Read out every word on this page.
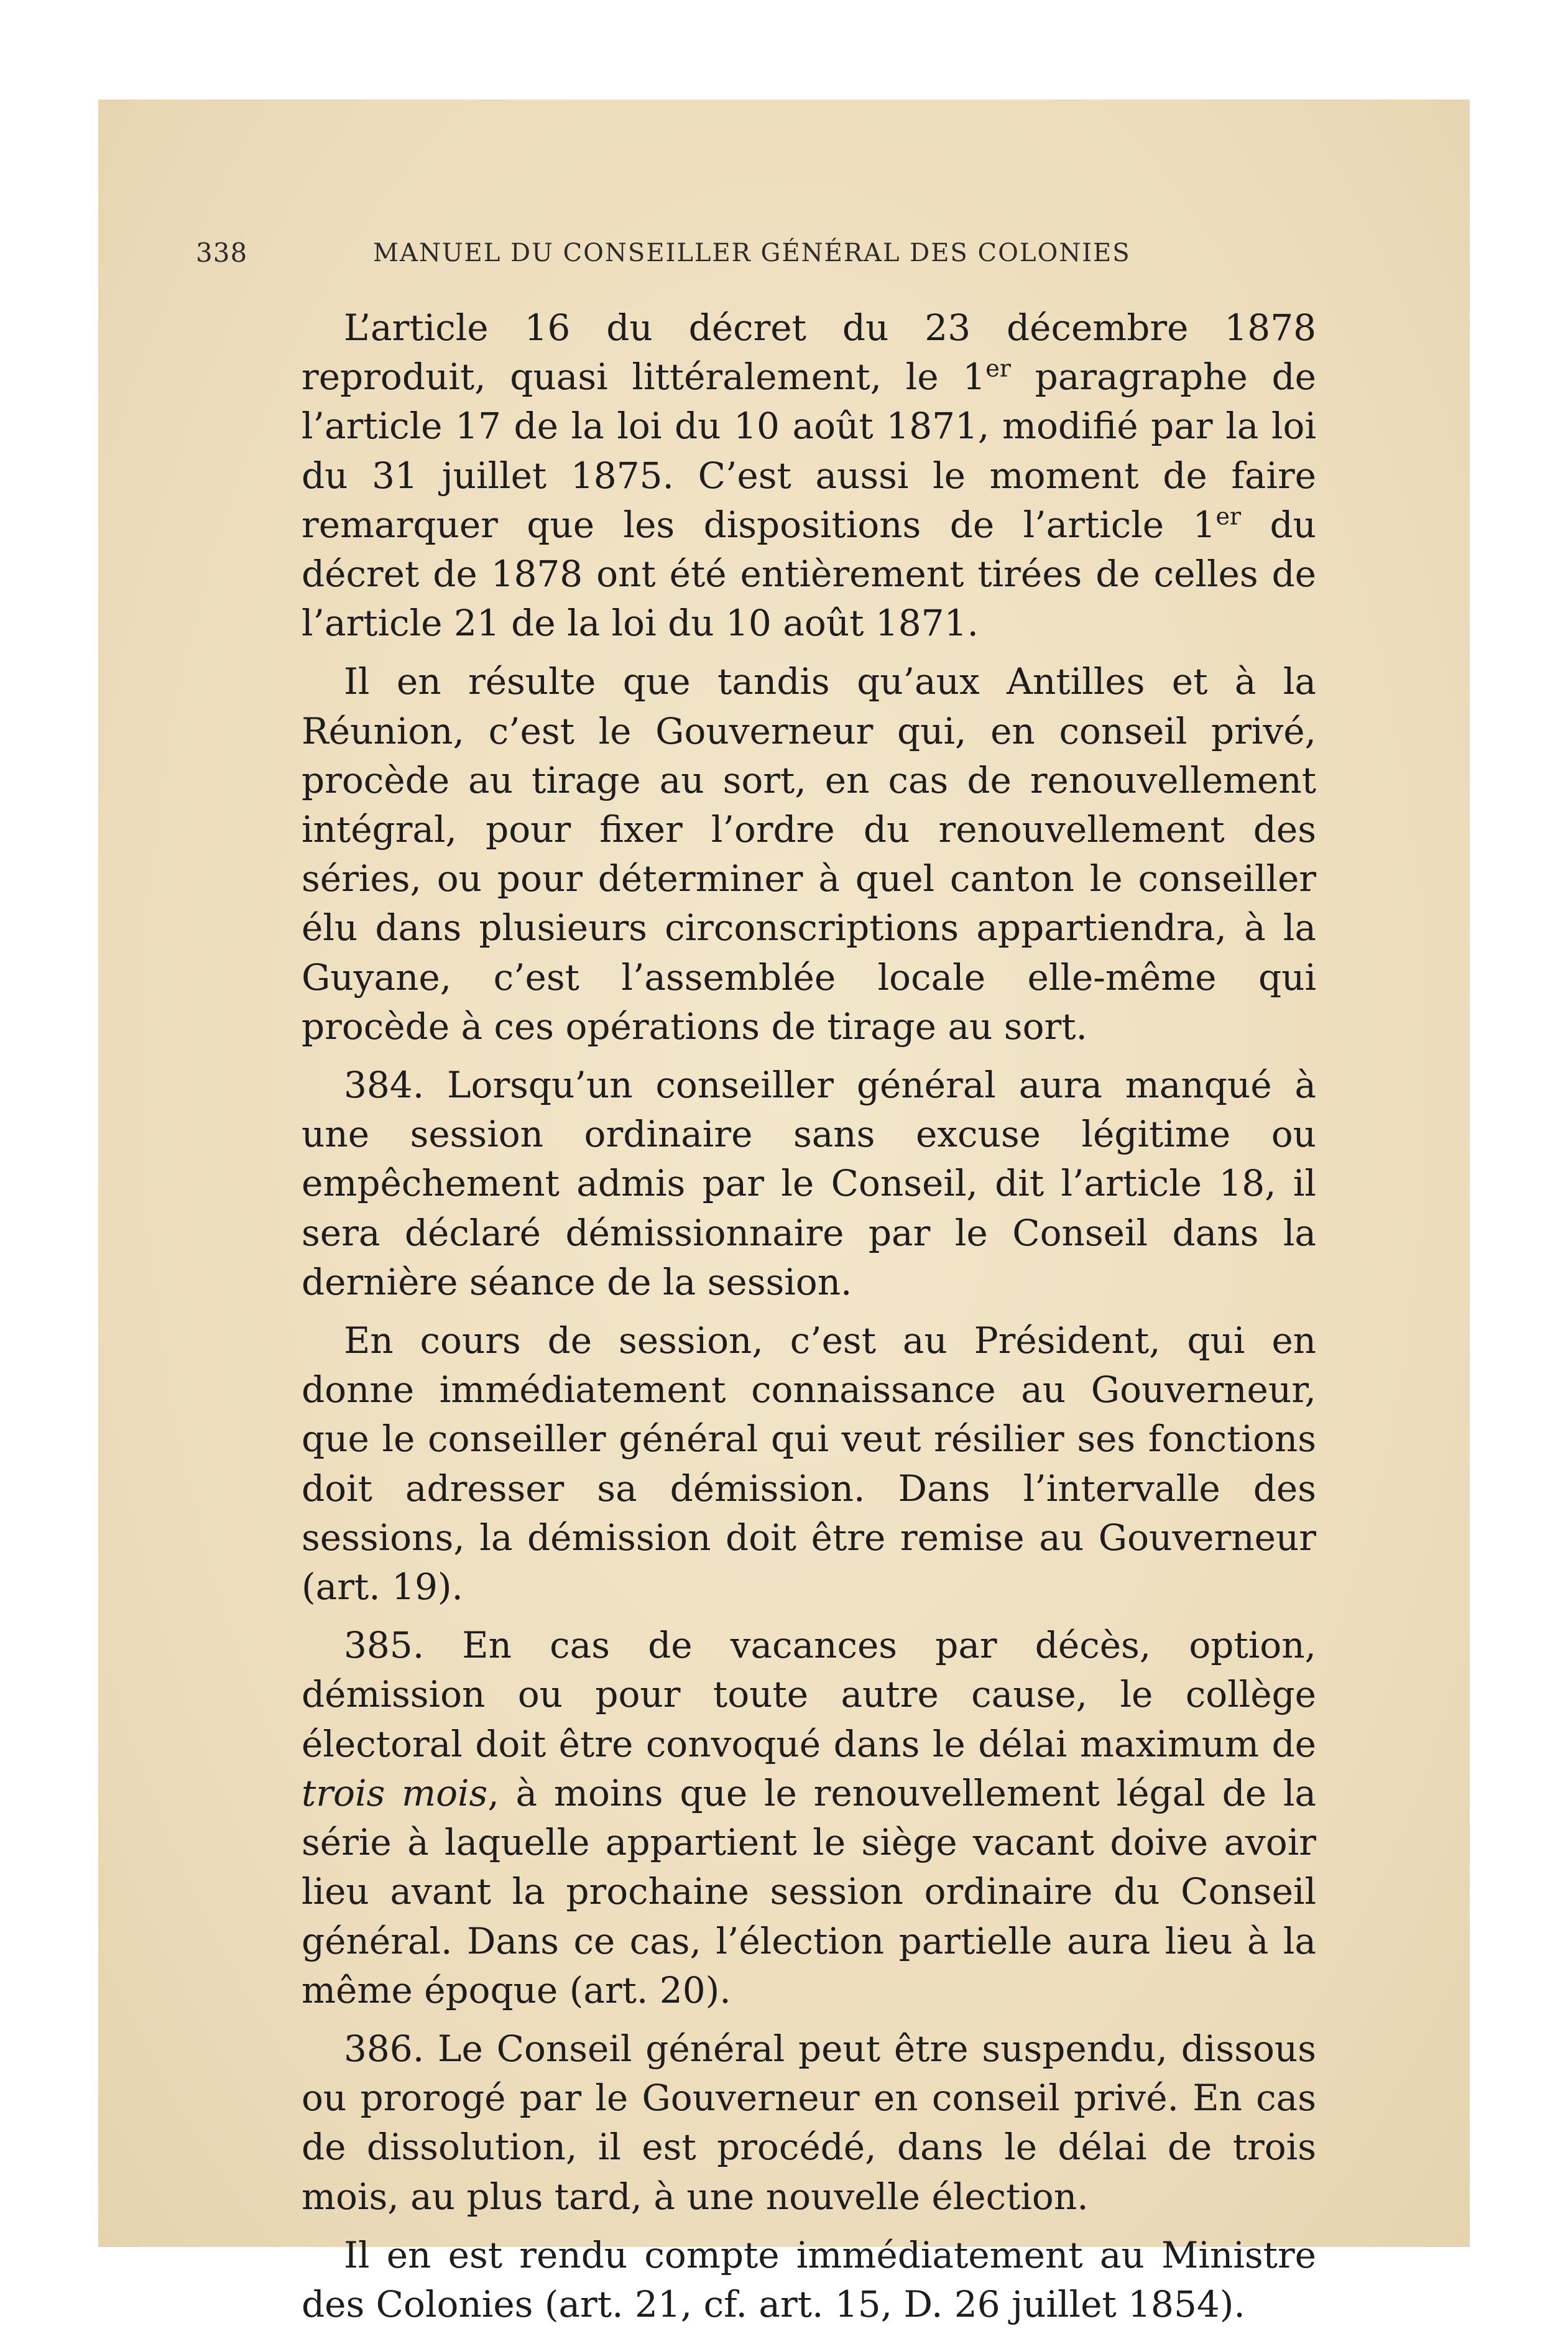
338	MANUEL DU CONSEILLER GÉNÉRAL DES COLONIES

L’article 16 du décret du 23 décembre 1878 reproduit, quasi littéralement, le 1er paragraphe de l’article 17 de la loi du 10 août 1871, modifié par la loi du 31 juillet 1875. C’est aussi le moment de faire remarquer que les dispositions de l’article 1er du décret de 1878 ont été entièrement tirées de celles de l’article 21 de la loi du 10 août 1871.

Il en résulte que tandis qu’aux Antilles et à la Réunion, c’est le Gouverneur qui, en conseil privé, procède au tirage au sort, en cas de renouvellement intégral, pour fixer l’ordre du renouvellement des séries, ou pour déterminer à quel canton le conseiller élu dans plusieurs circonscriptions appartiendra, à la Guyane, c’est l’assemblée locale elle-même qui procède à ces opérations de tirage au sort.

384. Lorsqu’un conseiller général aura manqué à une session ordinaire sans excuse légitime ou empêchement admis par le Conseil, dit l’article 18, il sera déclaré démissionnaire par le Conseil dans la dernière séance de la session.

En cours de session, c’est au Président, qui en donne immédiatement connaissance au Gouverneur, que le conseiller général qui veut résilier ses fonctions doit adresser sa démission. Dans l’intervalle des sessions, la démission doit être remise au Gouverneur (art. 19).

385. En cas de vacances par décès, option, démission ou pour toute autre cause, le collège électoral doit être convoqué dans le délai maximum de trois mois, à moins que le renouvellement légal de la série à laquelle appartient le siège vacant doive avoir lieu avant la prochaine session ordinaire du Conseil général. Dans ce cas, l’élection partielle aura lieu à la même époque (art. 20).

386. Le Conseil général peut être suspendu, dissous ou prorogé par le Gouverneur en conseil privé. En cas de dissolution, il est procédé, dans le délai de trois mois, au plus tard, à une nouvelle élection.

Il en est rendu compte immédiatement au Ministre des Colonies (art. 21, cf. art. 15, D. 26 juillet 1854).
